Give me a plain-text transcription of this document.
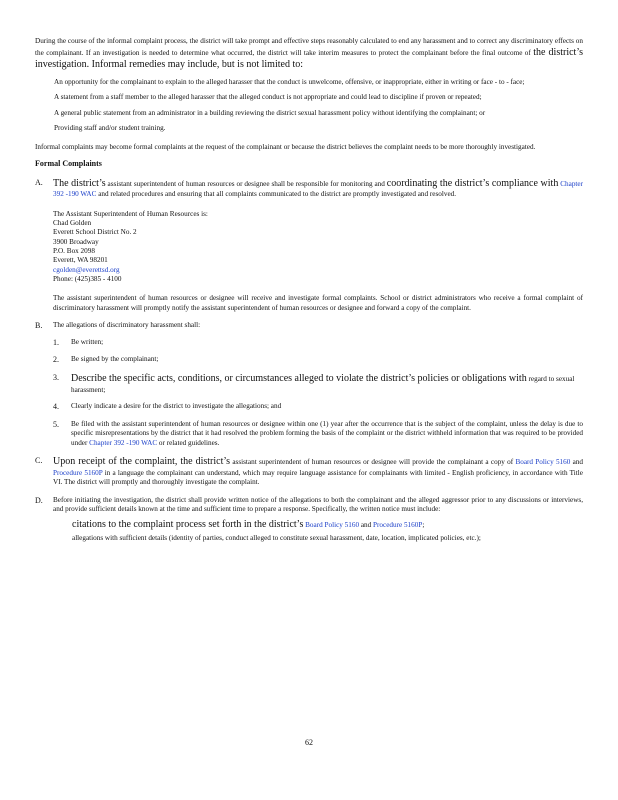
During the course of the informal complaint process, the district will take prompt and effective steps reasonably calculated to end any harassment and to correct any discriminatory effects on the complainant. If an investigation is needed to determine what occurred, the district will take interim measures to protect the complainant before the final outcome of the district’s investigation. Informal remedies may include, but is not limited to:

An opportunity for the complainant to explain to the alleged harasser that the conduct is unwelcome, offensive, or inappropriate, either in writing or face - to - face;
A statement from a staff member to the alleged harasser that the alleged conduct is not appropriate and could lead to discipline if proven or repeated;
A general public statement from an administrator in a building reviewing the district sexual harassment policy without identifying the complainant; or
Providing staff and/or student training.

Informal complaints may become formal complaints at the request of the complainant or because the district believes the complaint needs to be more thoroughly investigated.

Formal Complaints

A.	The district’s assistant superintendent of human resources or designee shall be responsible for monitoring and coordinating the district’s compliance with Chapter 392 -190 WAC and related procedures and ensuring that all complaints communicated to the district are promptly investigated and resolved.

The Assistant Superintendent of Human Resources is:

Chad Golden

Everett School District No. 2

3900 Broadway

P.O. Box 2098

Everett, WA 98201

cgolden@everettsd.org

Phone: (425)385 - 4100

The assistant superintendent of human resources or designee will receive and investigate formal complaints. School or district administrators who receive a formal complaint of discriminatory harassment will promptly notify the assistant superintendent of human resources or designee and forward a copy of the complaint.

B.	The allegations of discriminatory harassment shall:

1.	Be written;
2.	Be signed by the complainant;
3.	Describe the specific acts, conditions, or circumstances alleged to violate the district’s policies or obligations with regard to sexual harassment;
4.	Clearly indicate a desire for the district to investigate the allegations; and
5.	Be filed with the assistant superintendent of human resources or designee within one (1) year after the occurrence that is the subject of the complaint, unless the delay is due to specific misrepresentations by the district that it had resolved the problem forming the basis of the complaint or the district withheld information that was required to be provided under Chapter 392 -190 WAC or related guidelines.
C.	Upon receipt of the complaint, the district’s assistant superintendent of human resources or designee will provide the complainant a copy of Board Policy 5160 and Procedure 5160P in a language the complainant can understand, which may require language assistance for complainants with limited - English proficiency, in accordance with Title VI. The district will promptly and thoroughly investigate the complaint.

D.	Before initiating the investigation, the district shall provide written notice of the allegations to both the complainant and the alleged aggressor prior to any discussions or interviews, and provide sufficient details known at the time and sufficient time to prepare a response. Specifically, the written notice must include:

citations to the complaint process set forth in the district’s Board Policy 5160 and Procedure 5160P;
allegations with sufficient details (identity of parties, conduct alleged to constitute sexual harassment, date, location, implicated policies, etc.);
62
